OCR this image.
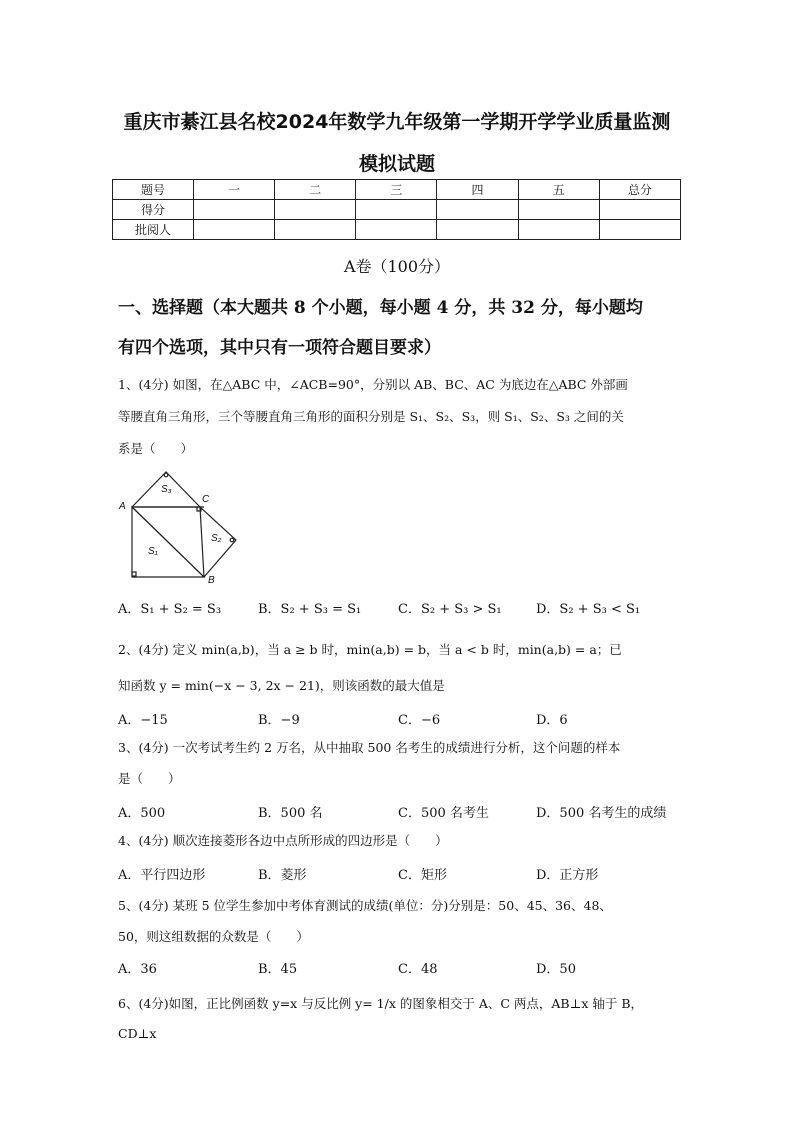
重庆市綦江县名校2024年数学九年级第一学期开学学业质量监测
模拟试题
题号	一	二	三	四	五	总分
得分						
批阅人						
A卷（100分）
一、选择题（本大题共 8 个小题，每小题 4 分，共 32 分，每小题均
有四个选项，其中只有一项符合题目要求）
1、(4分) 如图，在△ABC 中，∠ACB=90°，分别以 AB、BC、AC 为底边在△ABC 外部画
等腰直角三角形，三个等腰直角三角形的面积分别是 S₁、S₂、S₃，则 S₁、S₂、S₃ 之间的关
系是（　　）
A
C
B
S₃
S₂
S₁
A．S₁ + S₂ = S₃	B．S₂ + S₃ = S₁	C．S₂ + S₃ > S₁	D．S₂ + S₃ < S₁
2、(4分) 定义 min(a,b)，当 a ≥ b 时，min(a,b) = b，当 a < b 时，min(a,b) = a；已
知函数 y = min(−x − 3, 2x − 21)，则该函数的最大值是
A．−15	B．−9	C．−6	D．6
3、(4分) 一次考试考生约 2 万名，从中抽取 500 名考生的成绩进行分析，这个问题的样本
是（　　）
A．500	B．500 名	C．500 名考生	D．500 名考生的成绩
4、(4分) 顺次连接菱形各边中点所形成的四边形是（　　）
A．平行四边形	B．菱形	C．矩形	D．正方形
5、(4分) 某班 5 位学生参加中考体育测试的成绩(单位：分)分别是：50、45、36、48、
50，则这组数据的众数是（　　）
A．36	B．45	C．48	D．50
6、(4分)如图，正比例函数 y=x 与反比例 y= 1/x 的图象相交于 A、C 两点，AB⊥x 轴于 B，CD⊥x
